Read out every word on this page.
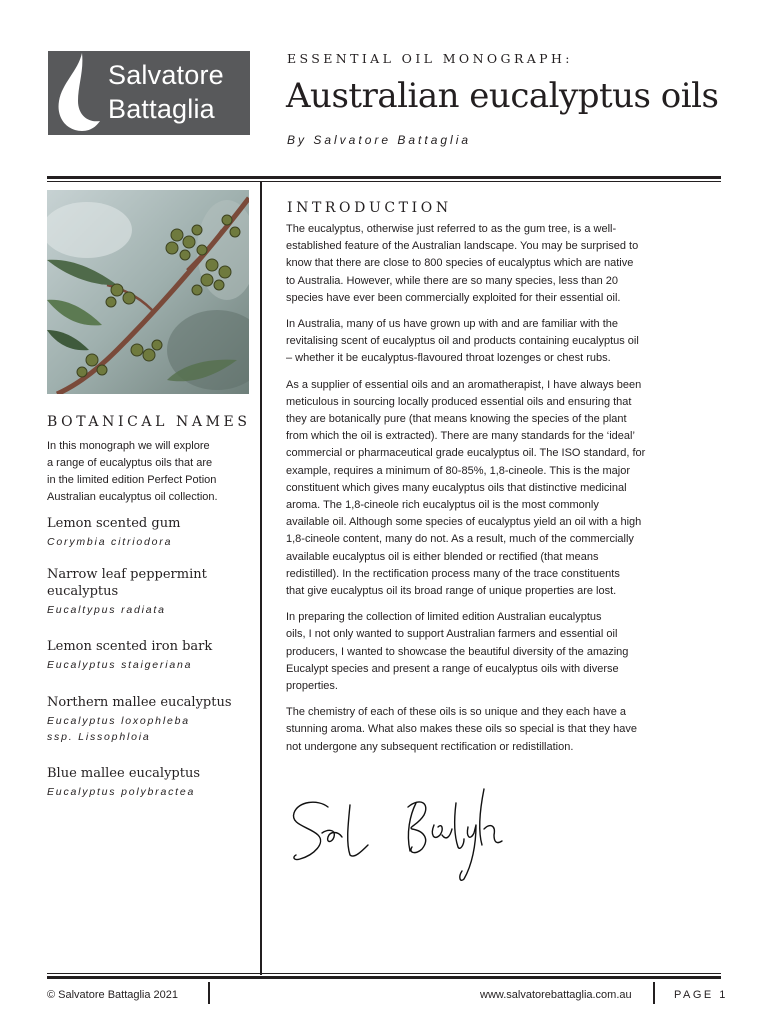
Salvatore
Battaglia
ESSENTIAL OIL MONOGRAPH:
Australian eucalyptus oils
By Salvatore Battaglia
BOTANICAL NAMES

In this monograph we will explore

a range of eucalyptus oils that are

in the limited edition Perfect Potion

Australian eucalyptus oil collection.

Lemon scented gum
Corymbia citriodora
Narrow leaf peppermint
eucalyptus
Eucaltypus radiata
Lemon scented iron bark
Eucalyptus staigeriana
Northern mallee eucalyptus
Eucalyptus loxophleba
ssp. Lissophloia
Blue mallee eucalyptus
Eucalyptus polybractea
INTRODUCTION

The eucalyptus, otherwise just referred to as the gum tree, is a well-
established feature of the Australian landscape. You may be surprised to
know that there are close to 800 species of eucalyptus which are native
to Australia. However, while there are so many species, less than 20
species have ever been commercially exploited for their essential oil.

In Australia, many of us have grown up with and are familiar with the
revitalising scent of eucalyptus oil and products containing eucalyptus oil
– whether it be eucalyptus-flavoured throat lozenges or chest rubs.

As a supplier of essential oils and an aromatherapist, I have always been
meticulous in sourcing locally produced essential oils and ensuring that
they are botanically pure (that means knowing the species of the plant
from which the oil is extracted). There are many standards for the ‘ideal’
commercial or pharmaceutical grade eucalyptus oil. The ISO standard, for
example, requires a minimum of 80-85%, 1,8-cineole. This is the major
constituent which gives many eucalyptus oils that distinctive medicinal
aroma. The 1,8-cineole rich eucalyptus oil is the most commonly
available oil. Although some species of eucalyptus yield an oil with a high
1,8-cineole content, many do not. As a result, much of the commercially
available eucalyptus oil is either blended or rectified (that means
redistilled). In the rectification process many of the trace constituents
that give eucalyptus oil its broad range of unique properties are lost.

In preparing the collection of limited edition Australian eucalyptus
oils, I not only wanted to support Australian farmers and essential oil
producers, I wanted to showcase the beautiful diversity of the amazing
Eucalypt species and present a range of eucalyptus oils with diverse
properties.

The chemistry of each of these oils is so unique and they each have a
stunning aroma. What also makes these oils so special is that they have
not undergone any subsequent rectification or redistillation.

© Salvatore Battaglia 2021	www.salvatorebattaglia.com.au	PAGE 1
